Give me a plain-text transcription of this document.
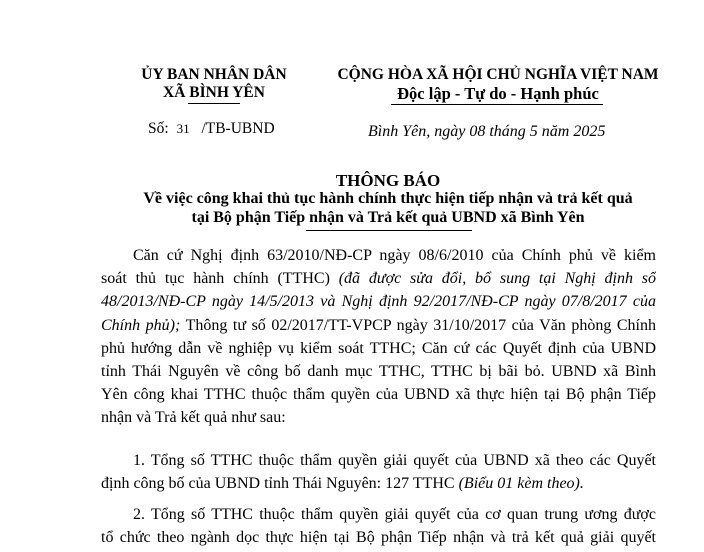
ỦY BAN NHÂN DÂN
XÃ BÌNH YÊN
Số: 31 /TB-UBND
CỘNG HÒA XÃ HỘI CHỦ NGHĨA VIỆT NAM
Độc lập - Tự do - Hạnh phúc
Bình Yên, ngày 08 tháng 5 năm 2025
THÔNG BÁO
Về việc công khai thủ tục hành chính thực hiện tiếp nhận và trả kết quả
tại Bộ phận Tiếp nhận và Trả kết quả UBND xã Bình Yên
Căn cứ Nghị định 63/2010/NĐ-CP ngày 08/6/2010 của Chính phủ về kiểm
soát thủ tục hành chính (TTHC) (đã được sửa đổi, bổ sung tại Nghị định số
48/2013/NĐ-CP ngày 14/5/2013 và Nghị định 92/2017/NĐ-CP ngày 07/8/2017 của
Chính phủ); Thông tư số 02/2017/TT-VPCP ngày 31/10/2017 của Văn phòng Chính
phủ hướng dẫn về nghiệp vụ kiểm soát TTHC; Căn cứ các Quyết định của UBND
tỉnh Thái Nguyên về công bố danh mục TTHC, TTHC bị bãi bỏ. UBND xã Bình
Yên công khai TTHC thuộc thẩm quyền của UBND xã thực hiện tại Bộ phận Tiếp
nhận và Trả kết quả như sau:
1. Tổng số TTHC thuộc thẩm quyền giải quyết của UBND xã theo các Quyết
định công bố của UBND tỉnh Thái Nguyên: 127 TTHC (Biểu 01 kèm theo).
2. Tổng số TTHC thuộc thẩm quyền giải quyết của cơ quan trung ương được
tổ chức theo ngành dọc thực hiện tại Bộ phận Tiếp nhận và trả kết quả giải quyết
